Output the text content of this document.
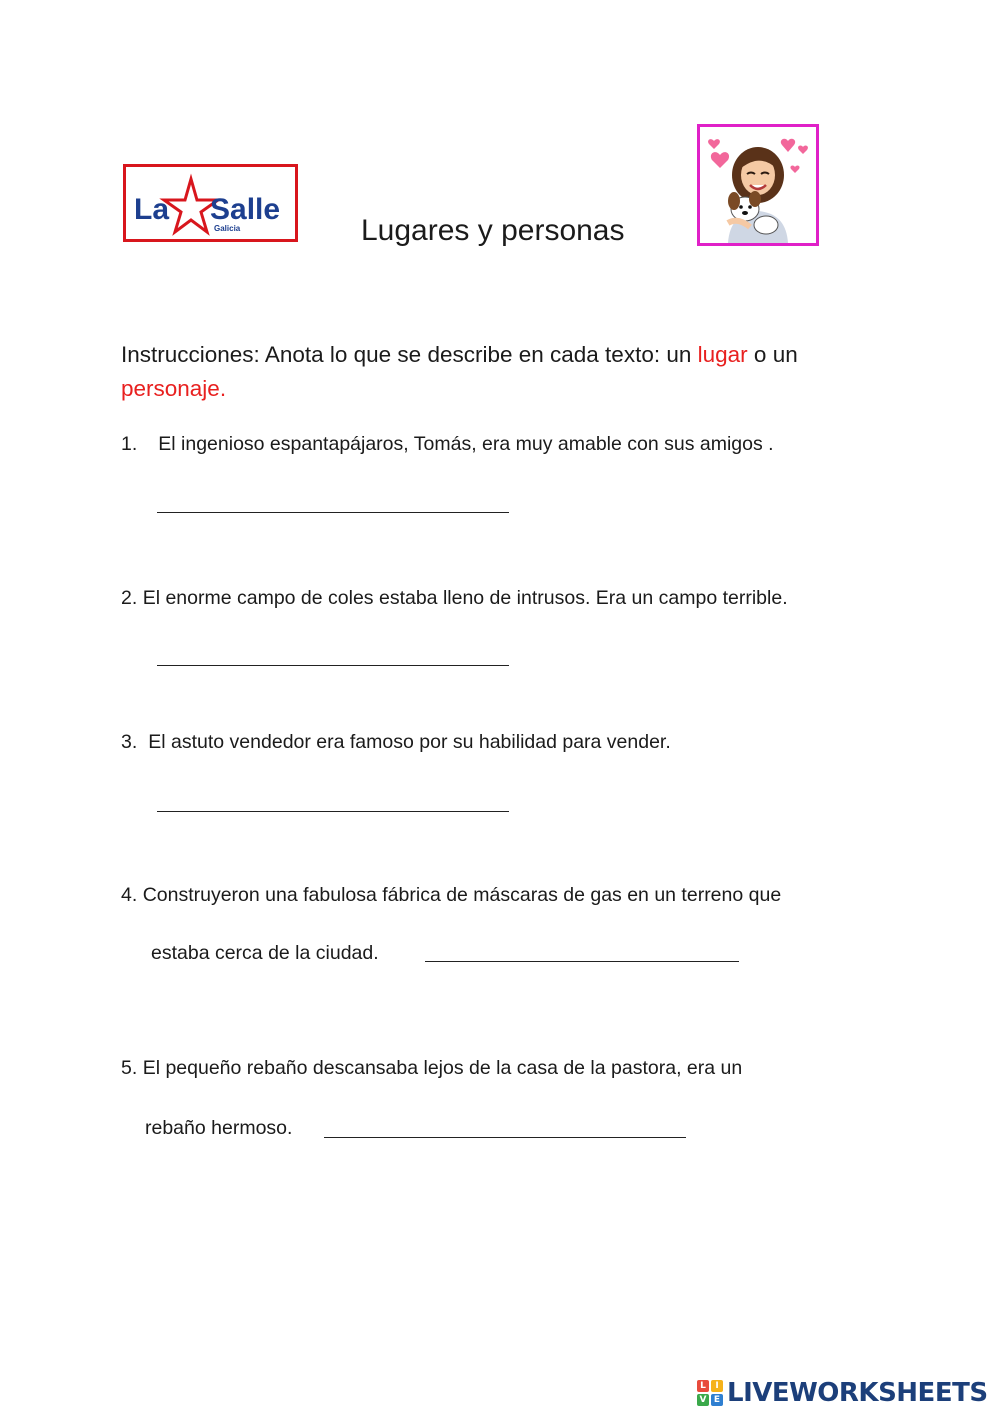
La Salle
Galicia	Lugares y personas
Instrucciones: Anota lo que se describe en cada texto: un lugar o un personaje.
1. El ingenioso espantapájaros, Tomás, era muy amable con sus amigos .
2. El enorme campo de coles estaba lleno de intrusos. Era un campo terrible.
3. El astuto vendedor era famoso por su habilidad para vender.
4. Construyeron una fabulosa fábrica de máscaras de gas en un terreno que
estaba cerca de la ciudad.
5. El pequeño rebaño descansaba lejos de la casa de la pastora, era un
rebaño hermoso.
L	I
V E LIVEWORKSHEETS
